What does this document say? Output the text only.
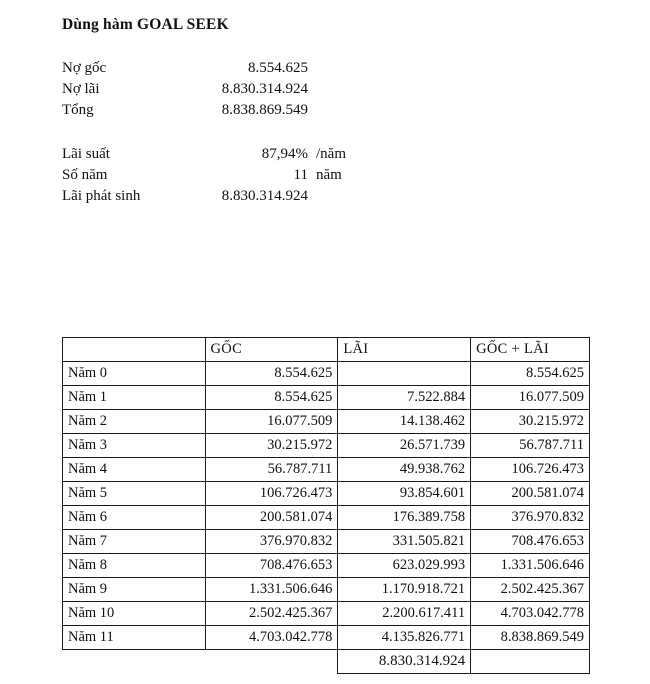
Dùng hàm GOAL SEEK
Nợ gốc	8.554.625
Nợ lãi	8.830.314.924
Tổng	8.838.869.549
Lãi suất	87,94% /năm
Số năm	11 năm
Lãi phát sinh	8.830.314.924
	GỐC	LÃI	GỐC + LÃI
Năm 0	8.554.625		8.554.625
Năm 1	8.554.625	7.522.884	16.077.509
Năm 2	16.077.509	14.138.462	30.215.972
Năm 3	30.215.972	26.571.739	56.787.711
Năm 4	56.787.711	49.938.762	106.726.473
Năm 5	106.726.473	93.854.601	200.581.074
Năm 6	200.581.074	176.389.758	376.970.832
Năm 7	376.970.832	331.505.821	708.476.653
Năm 8	708.476.653	623.029.993	1.331.506.646
Năm 9	1.331.506.646	1.170.918.721	2.502.425.367
Năm 10	2.502.425.367	2.200.617.411	4.703.042.778
Năm 11	4.703.042.778	4.135.826.771	8.838.869.549
		8.830.314.924	
